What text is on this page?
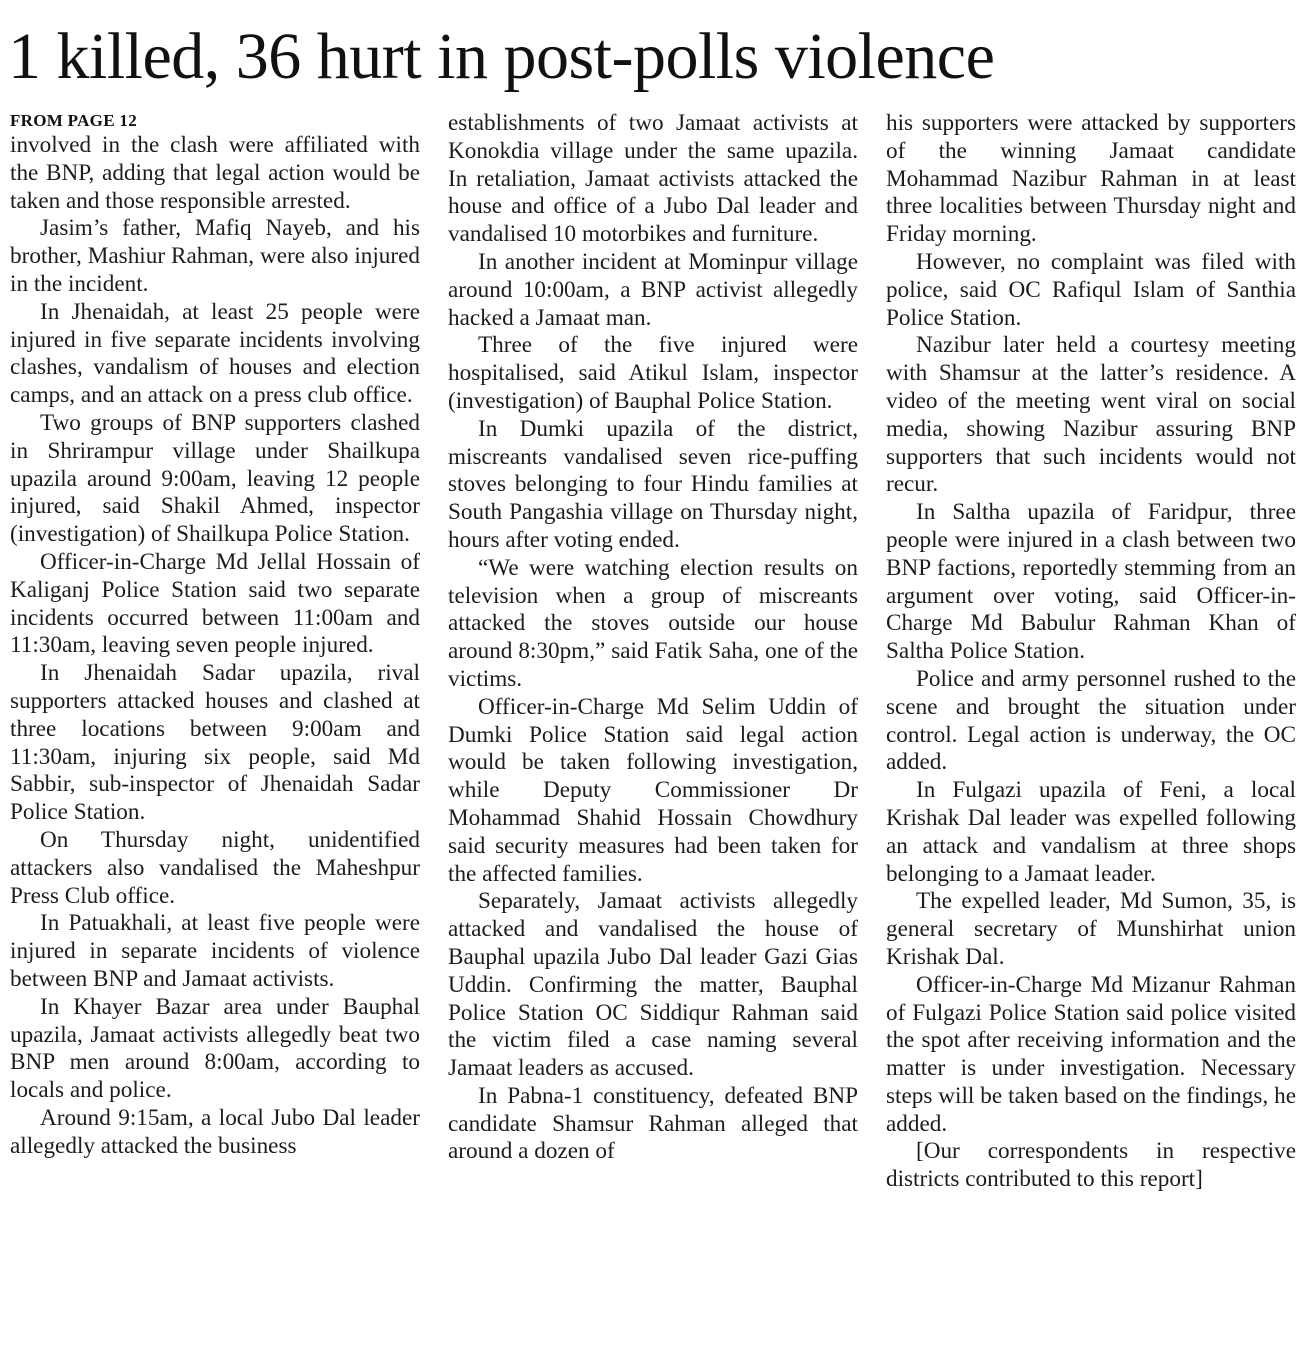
1 killed, 36 hurt in post-polls violence
FROM PAGE 12

involved in the clash were affiliated with the BNP, adding that legal action would be taken and those responsible arrested.

Jasim’s father, Mafiq Nayeb, and his brother, Mashiur Rahman, were also injured in the incident.

In Jhenaidah, at least 25 people were injured in five separate incidents involving clashes, vandalism of houses and election camps, and an attack on a press club office.

Two groups of BNP supporters clashed in Shrirampur village under Shailkupa upazila around 9:00am, leaving 12 people injured, said Shakil Ahmed, inspector (investigation) of Shailkupa Police Station.

Officer-in-Charge Md Jellal Hossain of Kaliganj Police Station said two separate incidents occurred between 11:00am and 11:30am, leaving seven people injured.

In Jhenaidah Sadar upazila, rival supporters attacked houses and clashed at three locations between 9:00am and 11:30am, injuring six people, said Md Sabbir, sub-inspector of Jhenaidah Sadar Police Station.

On Thursday night, unidentified attackers also vandalised the Maheshpur Press Club office.

In Patuakhali, at least five people were injured in separate incidents of violence between BNP and Jamaat activists.

In Khayer Bazar area under Bauphal upazila, Jamaat activists allegedly beat two BNP men around 8:00am, according to locals and police.

Around 9:15am, a local Jubo Dal leader allegedly attacked the business

establishments of two Jamaat activists at Konokdia village under the same upazila. In retaliation, Jamaat activists attacked the house and office of a Jubo Dal leader and vandalised 10 motorbikes and furniture.

In another incident at Mominpur village around 10:00am, a BNP activist allegedly hacked a Jamaat man.

Three of the five injured were hospitalised, said Atikul Islam, inspector (investigation) of Bauphal Police Station.

In Dumki upazila of the district, miscreants vandalised seven rice-puffing stoves belonging to four Hindu families at South Pangashia village on Thursday night, hours after voting ended.

“We were watching election results on television when a group of miscreants attacked the stoves outside our house around 8:30pm,” said Fatik Saha, one of the victims.

Officer-in-Charge Md Selim Uddin of Dumki Police Station said legal action would be taken following investigation, while Deputy Commissioner Dr Mohammad Shahid Hossain Chowdhury said security measures had been taken for the affected families.

Separately, Jamaat activists allegedly attacked and vandalised the house of Bauphal upazila Jubo Dal leader Gazi Gias Uddin. Confirming the matter, Bauphal Police Station OC Siddiqur Rahman said the victim filed a case naming several Jamaat leaders as accused.

In Pabna-1 constituency, defeated BNP candidate Shamsur Rahman alleged that around a dozen of

his supporters were attacked by supporters of the winning Jamaat candidate Mohammad Nazibur Rahman in at least three localities between Thursday night and Friday morning.

However, no complaint was filed with police, said OC Rafiqul Islam of Santhia Police Station.

Nazibur later held a courtesy meeting with Shamsur at the latter’s residence. A video of the meeting went viral on social media, showing Nazibur assuring BNP supporters that such incidents would not recur.

In Saltha upazila of Faridpur, three people were injured in a clash between two BNP factions, reportedly stemming from an argument over voting, said Officer-in-Charge Md Babulur Rahman Khan of Saltha Police Station.

Police and army personnel rushed to the scene and brought the situation under control. Legal action is underway, the OC added.

In Fulgazi upazila of Feni, a local Krishak Dal leader was expelled following an attack and vandalism at three shops belonging to a Jamaat leader.

The expelled leader, Md Sumon, 35, is general secretary of Munshirhat union Krishak Dal.

Officer-in-Charge Md Mizanur Rahman of Fulgazi Police Station said police visited the spot after receiving information and the matter is under investigation. Necessary steps will be taken based on the findings, he added.

[Our correspondents in respective districts contributed to this report]
